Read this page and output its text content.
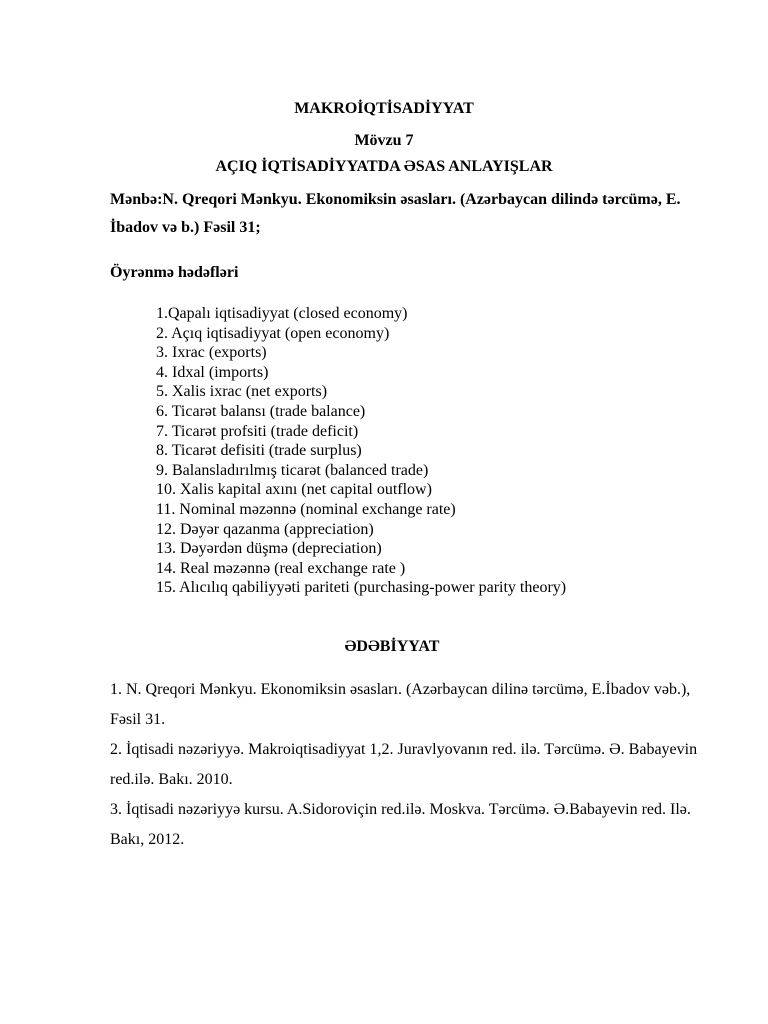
MAKROİQTİSADİYYAT
Mövzu 7
AÇIQ İQTİSADİYYATDA ƏSAS ANLAYIŞLAR
Mənbə:N. Qreqori Mənkyu. Ekonomiksin əsasları. (Azərbaycan dilində tərcümə, E. İbadov və b.) Fəsil 31;
Öyrənmə hədəfləri
1.Qapalı iqtisadiyyat (closed economy)
2. Açıq iqtisadiyyat (open economy)
3. Ixrac (exports)
4. Idxal (imports)
5. Xalis ixrac (net exports)
6. Ticarət balansı (trade balance)
7. Ticarət profsiti (trade deficit)
8. Ticarət defisiti (trade surplus)
9. Balansladırılmış ticarət (balanced trade)
10. Xalis kapital axını (net capital outflow)
11. Nominal məzənnə (nominal exchange rate)
12. Dəyər qazanma (appreciation)
13. Dəyərdən düşmə (depreciation)
14. Real məzənnə (real exchange rate )
15. Alıcılıq qabiliyyəti pariteti (purchasing-power parity theory)
ƏDƏBİYYAT
1. N. Qreqori Mənkyu. Ekonomiksin əsasları. (Azərbaycan dilinə tərcümə, E.İbadov vəb.), Fəsil 31.
2. İqtisadi nəzəriyyə. Makroiqtisadiyyat 1,2. Juravlyovanın red. ilə. Tərcümə. Ə. Babayevin red.ilə. Bakı. 2010.
3. İqtisadi nəzəriyyə kursu. A.Sidoroviçin red.ilə. Moskva. Tərcümə. Ə.Babayevin red. Ilə. Bakı, 2012.
